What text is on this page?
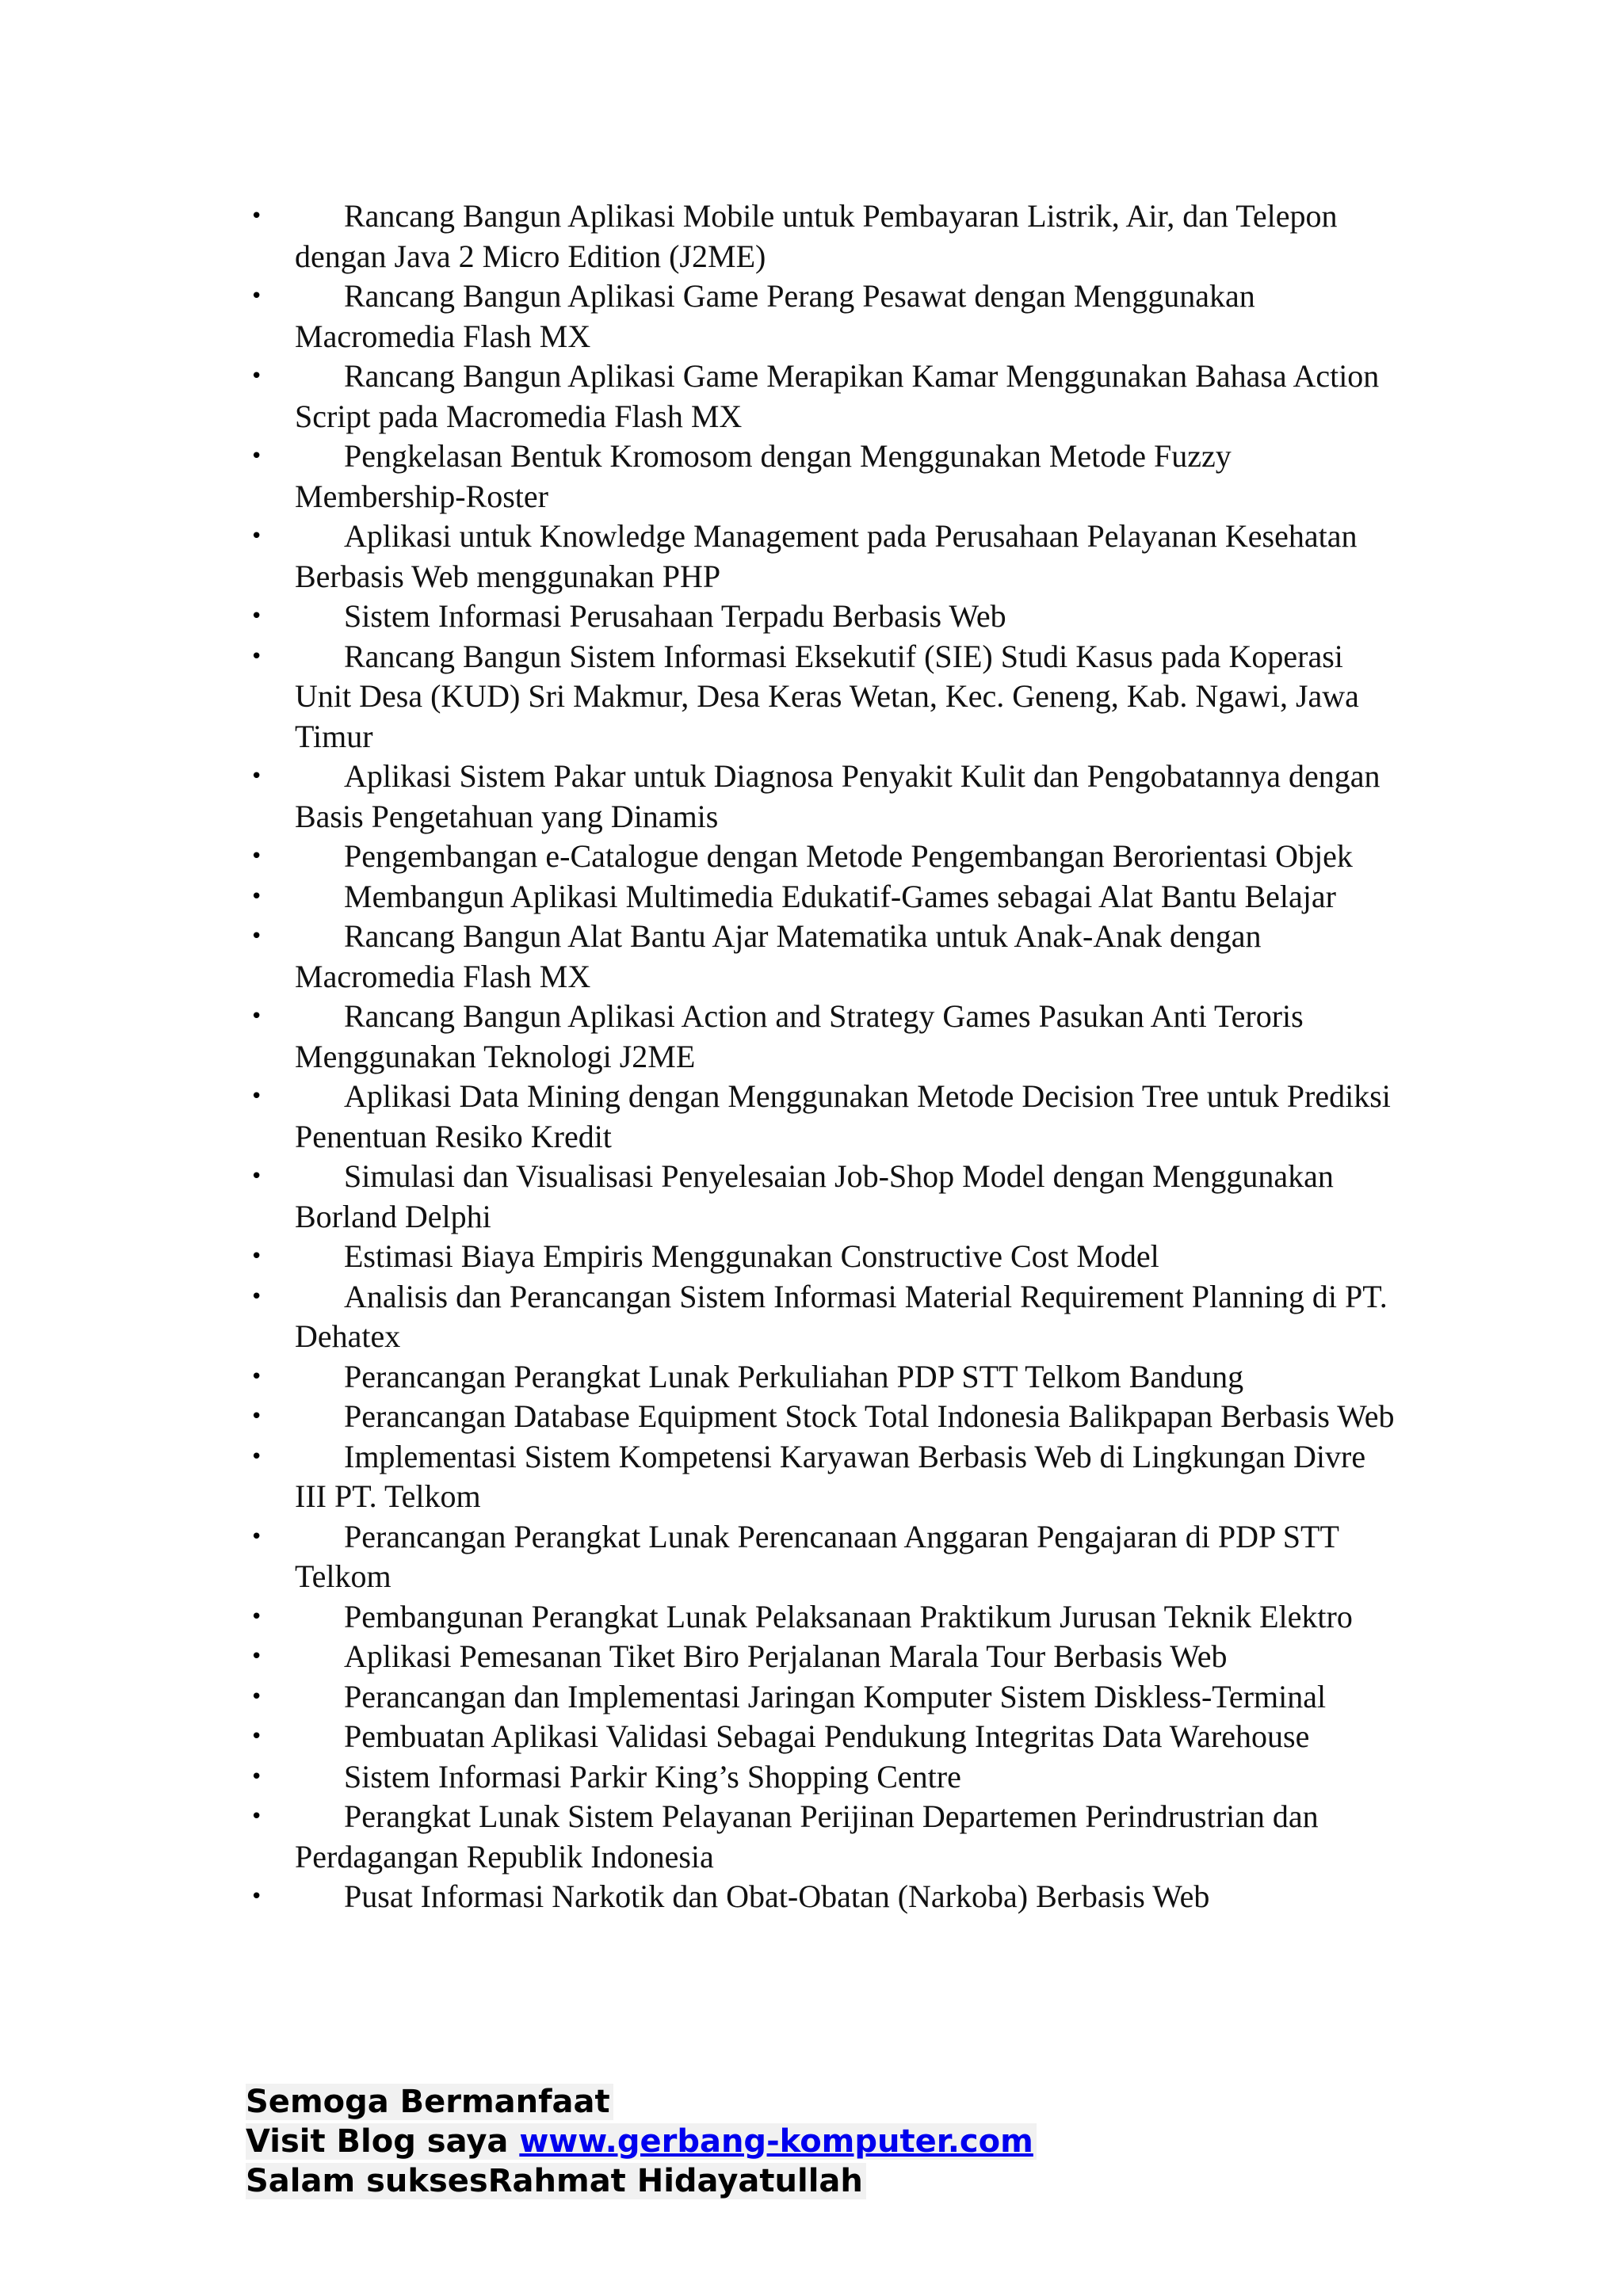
•	Rancang Bangun Aplikasi Mobile untuk Pembayaran Listrik, Air, dan Telepon dengan Java 2 Micro Edition (J2ME)
•	Rancang Bangun Aplikasi Game Perang Pesawat dengan Menggunakan Macromedia Flash MX
•	Rancang Bangun Aplikasi Game Merapikan Kamar Menggunakan Bahasa Action Script pada Macromedia Flash MX
•	Pengkelasan Bentuk Kromosom dengan Menggunakan Metode Fuzzy Membership-Roster
•	Aplikasi untuk Knowledge Management pada Perusahaan Pelayanan Kesehatan Berbasis Web menggunakan PHP
•	Sistem Informasi Perusahaan Terpadu Berbasis Web
•	Rancang Bangun Sistem Informasi Eksekutif (SIE) Studi Kasus pada Koperasi Unit Desa (KUD) Sri Makmur, Desa Keras Wetan, Kec. Geneng, Kab. Ngawi, Jawa Timur
•	Aplikasi Sistem Pakar untuk Diagnosa Penyakit Kulit dan Pengobatannya dengan Basis Pengetahuan yang Dinamis
•	Pengembangan e-Catalogue dengan Metode Pengembangan Berorientasi Objek
•	Membangun Aplikasi Multimedia Edukatif-Games sebagai Alat Bantu Belajar
•	Rancang Bangun Alat Bantu Ajar Matematika untuk Anak-Anak dengan Macromedia Flash MX
•	Rancang Bangun Aplikasi Action and Strategy Games Pasukan Anti Teroris Menggunakan Teknologi J2ME
•	Aplikasi Data Mining dengan Menggunakan Metode Decision Tree untuk Prediksi Penentuan Resiko Kredit
•	Simulasi dan Visualisasi Penyelesaian Job-Shop Model dengan Menggunakan Borland Delphi
•	Estimasi Biaya Empiris Menggunakan Constructive Cost Model
•	Analisis dan Perancangan Sistem Informasi Material Requirement Planning di PT. Dehatex
•	Perancangan Perangkat Lunak Perkuliahan PDP STT Telkom Bandung
•	Perancangan Database Equipment Stock Total Indonesia Balikpapan Berbasis Web
•	Implementasi Sistem Kompetensi Karyawan Berbasis Web di Lingkungan Divre III PT. Telkom
•	Perancangan Perangkat Lunak Perencanaan Anggaran Pengajaran di PDP STT Telkom
•	Pembangunan Perangkat Lunak Pelaksanaan Praktikum Jurusan Teknik Elektro
•	Aplikasi Pemesanan Tiket Biro Perjalanan Marala Tour Berbasis Web
•	Perancangan dan Implementasi Jaringan Komputer Sistem Diskless-Terminal
•	Pembuatan Aplikasi Validasi Sebagai Pendukung Integritas Data Warehouse
•	Sistem Informasi Parkir King’s Shopping Centre
•	Perangkat Lunak Sistem Pelayanan Perijinan Departemen Perindrustrian dan Perdagangan Republik Indonesia
•	Pusat Informasi Narkotik dan Obat-Obatan (Narkoba) Berbasis Web
Semoga Bermanfaat
Visit Blog saya www.gerbang-komputer.com
Salam suksesRahmat Hidayatullah
